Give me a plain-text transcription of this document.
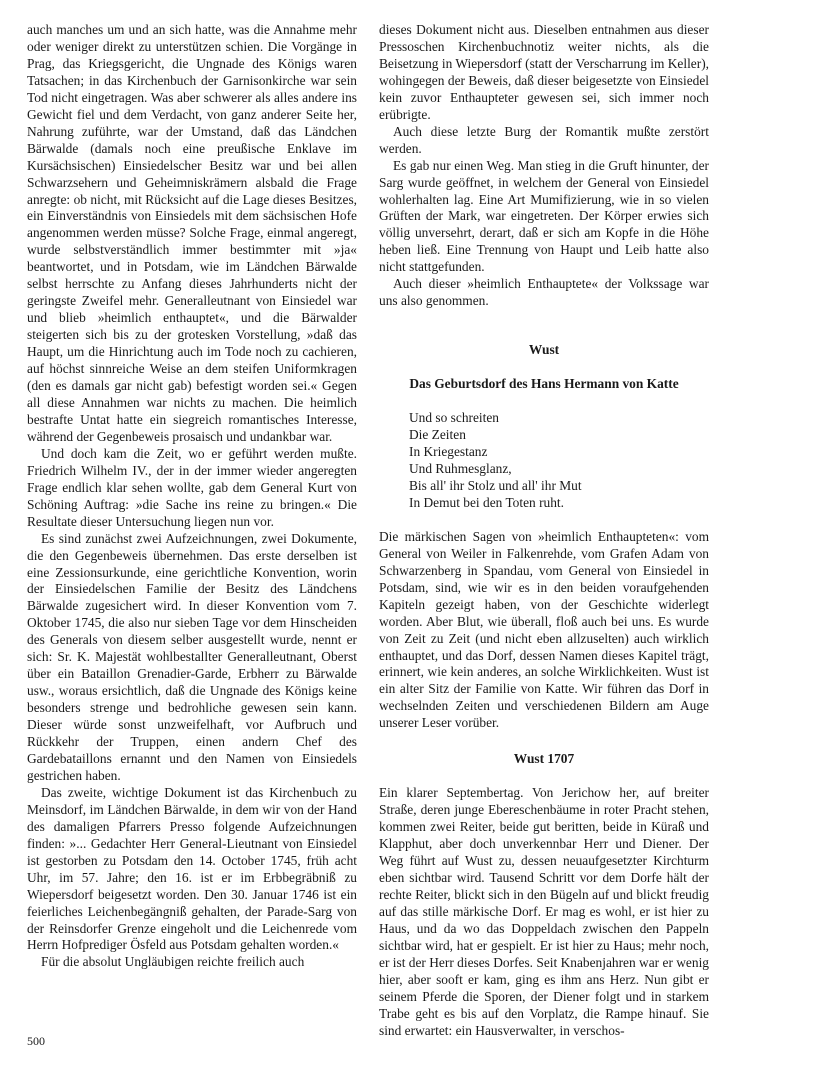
auch manches um und an sich hatte, was die Annahme mehr oder weniger direkt zu unterstützen schien. Die Vorgänge in Prag, das Kriegsgericht, die Ungnade des Königs waren Tatsachen; in das Kirchenbuch der Garnisonkirche war sein Tod nicht eingetragen. Was aber schwerer als alles andere ins Gewicht fiel und dem Verdacht, von ganz anderer Seite her, Nahrung zuführte, war der Umstand, daß das Ländchen Bärwalde (damals noch eine preußische Enklave im Kursächsischen) Einsiedelscher Besitz war und bei allen Schwarzsehern und Geheimniskrämern alsbald die Frage anregte: ob nicht, mit Rücksicht auf die Lage dieses Besitzes, ein Einverständnis von Einsiedels mit dem sächsischen Hofe angenommen werden müsse? Solche Frage, einmal angeregt, wurde selbstverständlich immer bestimmter mit »ja« beantwortet, und in Potsdam, wie im Ländchen Bärwalde selbst herrschte zu Anfang dieses Jahrhunderts nicht der geringste Zweifel mehr. Generalleutnant von Einsiedel war und blieb »heimlich enthauptet«, und die Bärwalder steigerten sich bis zu der grotesken Vorstellung, »daß das Haupt, um die Hinrichtung auch im Tode noch zu cachieren, auf höchst sinnreiche Weise an dem steifen Uniformkragen (den es damals gar nicht gab) befestigt worden sei.« Gegen all diese Annahmen war nichts zu machen. Die heimlich bestrafte Untat hatte ein siegreich romantisches Interesse, während der Gegenbeweis prosaisch und undankbar war.

Und doch kam die Zeit, wo er geführt werden mußte. Friedrich Wilhelm IV., der in der immer wieder angeregten Frage endlich klar sehen wollte, gab dem General Kurt von Schöning Auftrag: »die Sache ins reine zu bringen.« Die Resultate dieser Untersuchung liegen nun vor.

Es sind zunächst zwei Aufzeichnungen, zwei Dokumente, die den Gegenbeweis übernehmen. Das erste derselben ist eine Zessionsurkunde, eine gerichtliche Konvention, worin der Einsiedelschen Familie der Besitz des Ländchens Bärwalde zugesichert wird. In dieser Konvention vom 7. Oktober 1745, die also nur sieben Tage vor dem Hinscheiden des Generals von diesem selber ausgestellt wurde, nennt er sich: Sr. K. Majestät wohlbestallter Generalleutnant, Oberst über ein Bataillon Grenadier-Garde, Erbherr zu Bärwalde usw., woraus ersichtlich, daß die Ungnade des Königs keine besonders strenge und bedrohliche gewesen sein kann. Dieser würde sonst unzweifelhaft, vor Aufbruch und Rückkehr der Truppen, einen andern Chef des Gardebataillons ernannt und den Namen von Einsiedels gestrichen haben.

Das zweite, wichtige Dokument ist das Kirchenbuch zu Meinsdorf, im Ländchen Bärwalde, in dem wir von der Hand des damaligen Pfarrers Presso folgende Aufzeichnungen finden: »... Gedachter Herr General-Lieutnant von Einsiedel ist gestorben zu Potsdam den 14. October 1745, früh acht Uhr, im 57. Jahre; den 16. ist er im Erbbegräbniß zu Wiepersdorf beigesetzt worden. Den 30. Januar 1746 ist ein feierliches Leichenbegängniß gehalten, der Parade-Sarg von der Reinsdorfer Grenze eingeholt und die Leichenrede vom Herrn Hofprediger Ösfeld aus Potsdam gehalten worden.«

Für die absolut Ungläubigen reichte freilich auch

dieses Dokument nicht aus. Dieselben entnahmen aus dieser Pressoschen Kirchenbuchnotiz weiter nichts, als die Beisetzung in Wiepersdorf (statt der Verscharrung im Keller), wohingegen der Beweis, daß dieser beigesetzte von Einsiedel kein zuvor Enthaupteter gewesen sei, sich immer noch erübrigte.

Auch diese letzte Burg der Romantik mußte zerstört werden.

Es gab nur einen Weg. Man stieg in die Gruft hinunter, der Sarg wurde geöffnet, in welchem der General von Einsiedel wohlerhalten lag. Eine Art Mumifizierung, wie in so vielen Grüften der Mark, war eingetreten. Der Körper erwies sich völlig unversehrt, derart, daß er sich am Kopfe in die Höhe heben ließ. Eine Trennung von Haupt und Leib hatte also nicht stattgefunden.

Auch dieser »heimlich Enthauptete« der Volkssage war uns also genommen.

Wust
Das Geburtsdorf des Hans Hermann von Katte
Und so schreiten
Die Zeiten
In Kriegestanz
Und Ruhmesglanz,
Bis all' ihr Stolz und all' ihr Mut
In Demut bei den Toten ruht.

Die märkischen Sagen von »heimlich Enthaupteten«: vom General von Weiler in Falkenrehde, vom Grafen Adam von Schwarzenberg in Spandau, vom General von Einsiedel in Potsdam, sind, wie wir es in den beiden voraufgehenden Kapiteln gezeigt haben, von der Geschichte widerlegt worden. Aber Blut, wie überall, floß auch bei uns. Es wurde von Zeit zu Zeit (und nicht eben allzuselten) auch wirklich enthauptet, und das Dorf, dessen Namen dieses Kapitel trägt, erinnert, wie kein anderes, an solche Wirklichkeiten. Wust ist ein alter Sitz der Familie von Katte. Wir führen das Dorf in wechselnden Zeiten und verschiedenen Bildern am Auge unserer Leser vorüber.

Wust 1707

Ein klarer Septembertag. Von Jerichow her, auf breiter Straße, deren junge Ebereschenbäume in roter Pracht stehen, kommen zwei Reiter, beide gut beritten, beide in Küraß und Klapphut, aber doch unverkennbar Herr und Diener. Der Weg führt auf Wust zu, dessen neuaufgesetzter Kirchturm eben sichtbar wird. Tausend Schritt vor dem Dorfe hält der rechte Reiter, blickt sich in den Bügeln auf und blickt freudig auf das stille märkische Dorf. Er mag es wohl, er ist hier zu Haus, und da wo das Doppeldach zwischen den Pappeln sichtbar wird, hat er gespielt. Er ist hier zu Haus; mehr noch, er ist der Herr dieses Dorfes. Seit Knabenjahren war er wenig hier, aber sooft er kam, ging es ihm ans Herz. Nun gibt er seinem Pferde die Sporen, der Diener folgt und in starkem Trabe geht es bis auf den Vorplatz, die Rampe hinauf. Sie sind erwartet: ein Hausverwalter, in verschos-

500
